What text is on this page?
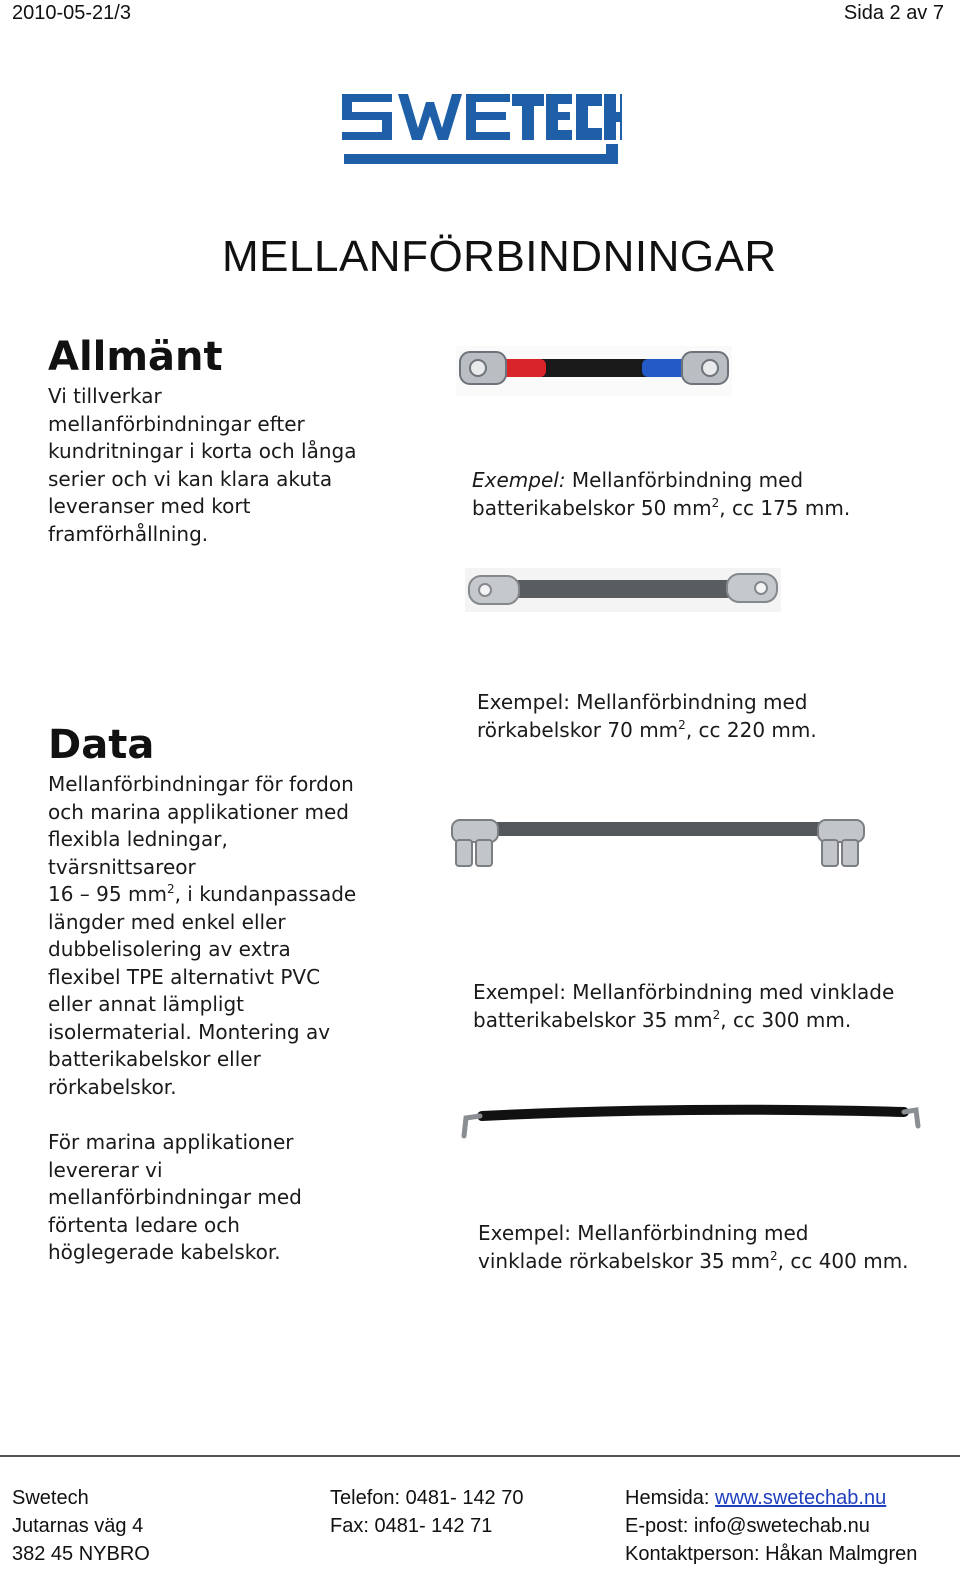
2010-05-21/3	Sida 2 av 7
MELLANFÖRBINDNINGAR
Allmänt
Vi tillverkar
mellanförbindningar efter
kundritningar i korta och långa
serier och vi kan klara akuta
leveranser med kort
framförhållning.
Exempel: Mellanförbindning med
batterikabelskor 50 $mm^2$, cc 175 mm.
Data
Mellanförbindningar för fordon
och marina applikationer med
flexibla ledningar,
tvärsnittsareor
16 – 95 $mm^2$, i kundanpassade
längder med enkel eller
dubbelisolering av extra
flexibel TPE alternativt PVC
eller annat lämpligt
isolermaterial. Montering av
batterikabelskor eller
rörkabelskor.
För marina applikationer
levererar vi
mellanförbindningar med
förtenta ledare och
höglegerade kabelskor.
Exempel: Mellanförbindning med
rörkabelskor 70 $mm^2$, cc 220 mm.
Exempel: Mellanförbindning med vinklade
batterikabelskor 35 $mm^2$, cc 300 mm.
Exempel: Mellanförbindning med
vinklade rörkabelskor 35 $mm^2$, cc 400 mm.
Swetech
Jutarnas väg 4
382 45 NYBRO
Telefon: 0481- 142 70
Fax: 0481- 142 71
Hemsida: www.swetechab.nu
E-post: info@swetechab.nu
Kontaktperson: Håkan Malmgren
